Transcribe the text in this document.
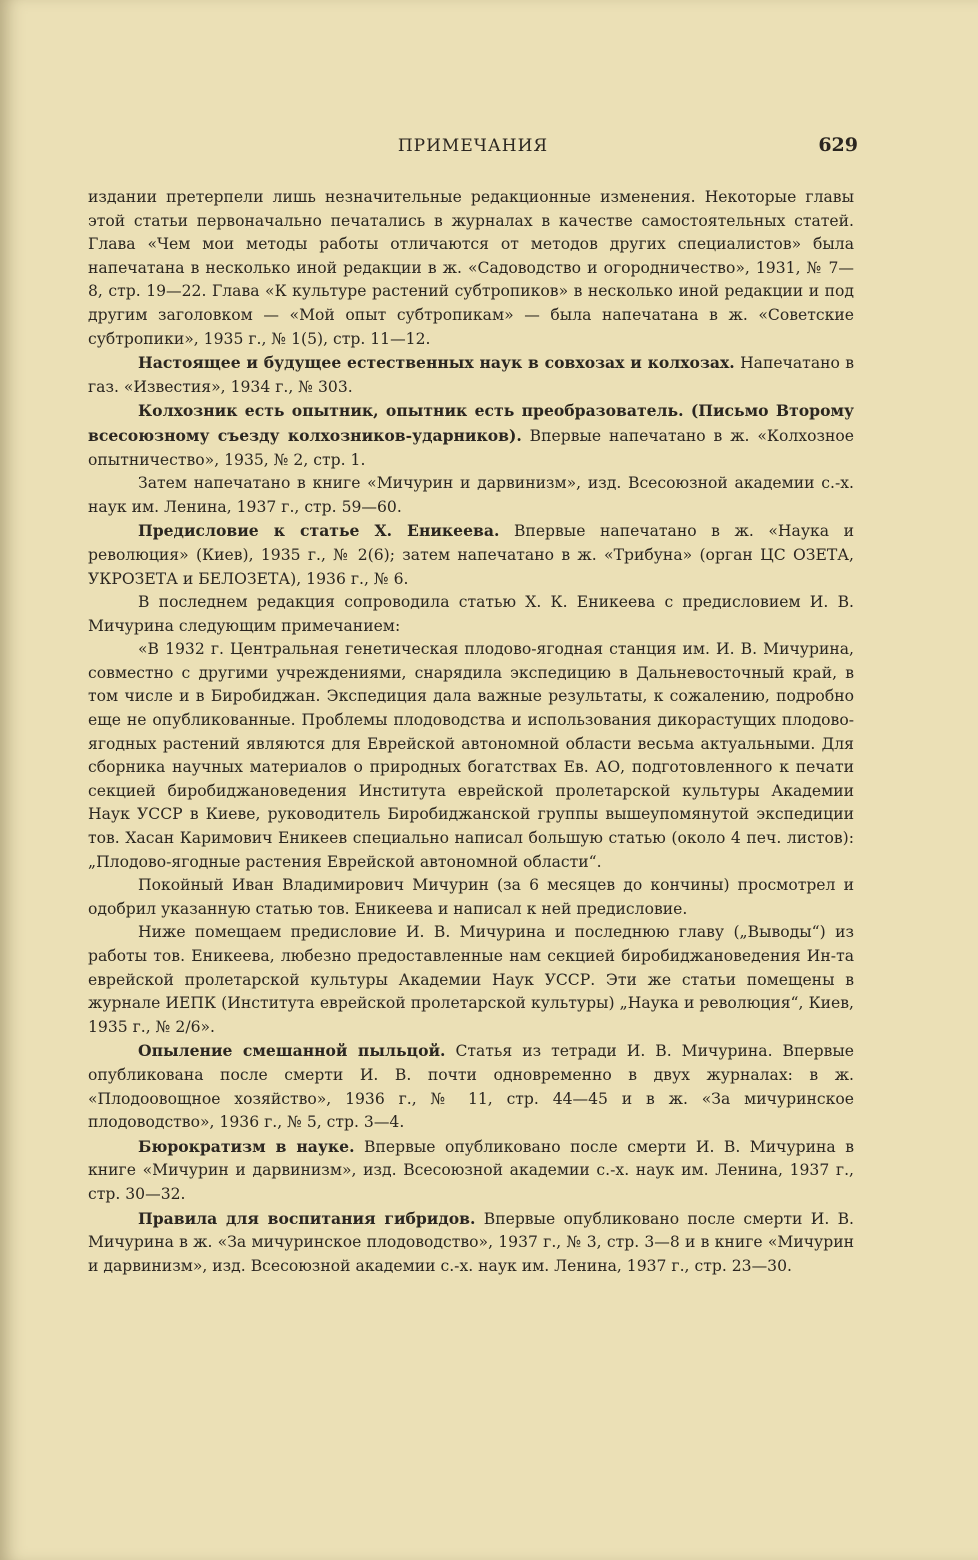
ПРИМЕЧАНИЯ	629

издании претерпели лишь незначительные редакционные изменения. Некоторые главы этой статьи первоначально печатались в журналах в качестве самостоятельных статей. Глава «Чем мои методы работы отличаются от методов других специалистов» была напечатана в несколько иной редакции в ж. «Садоводство и огородничество», 1931, № 7—8, стр. 19—22. Глава «К культуре растений субтропиков» в несколько иной редакции и под другим заголовком — «Мой опыт субтропикам» — была напечатана в ж. «Советские субтропики», 1935 г., № 1(5), стр. 11—12.

Настоящее и будущее естественных наук в совхозах и колхозах. Напечатано в газ. «Известия», 1934 г., № 303.

Колхозник есть опытник, опытник есть преобразователь. (Письмо Второму всесоюзному съезду колхозников-ударников). Впервые напечатано в ж. «Колхозное опытничество», 1935, № 2, стр. 1.

Затем напечатано в книге «Мичурин и дарвинизм», изд. Всесоюзной академии с.-х. наук им. Ленина, 1937 г., стр. 59—60.

Предисловие к статье Х. Еникеева. Впервые напечатано в ж. «Наука и революция» (Киев), 1935 г., № 2(6); затем напечатано в ж. «Трибуна» (орган ЦС ОЗЕТА, УКРОЗЕТА и БЕЛОЗЕТА), 1936 г., № 6.

В последнем редакция сопроводила статью Х. К. Еникеева с предисловием И. В. Мичурина следующим примечанием:

«В 1932 г. Центральная генетическая плодово-ягодная станция им. И. В. Мичурина, совместно с другими учреждениями, снарядила экспедицию в Дальневосточный край, в том числе и в Биробиджан. Экспедиция дала важные результаты, к сожалению, подробно еще не опубликованные. Проблемы плодоводства и использования дикорастущих плодово-ягодных растений являются для Еврейской автономной области весьма актуальными. Для сборника научных материалов о природных богатствах Ев. АО, подготовленного к печати секцией биробиджановедения Института еврейской пролетарской культуры Академии Наук УССР в Киеве, руководитель Биробиджанской группы вышеупомянутой экспедиции тов. Хасан Каримович Еникеев специально написал большую статью (около 4 печ. листов): „Плодово-ягодные растения Еврейской автономной области“.

Покойный Иван Владимирович Мичурин (за 6 месяцев до кончины) просмотрел и одобрил указанную статью тов. Еникеева и написал к ней предисловие.

Ниже помещаем предисловие И. В. Мичурина и последнюю главу („Выводы“) из работы тов. Еникеева, любезно предоставленные нам секцией биробиджановедения Ин-та еврейской пролетарской культуры Академии Наук УССР. Эти же статьи помещены в журнале ИЕПК (Института еврейской пролетарской культуры) „Наука и революция“, Киев, 1935 г., № 2/6».

Опыление смешанной пыльцой. Статья из тетради И. В. Мичурина. Впервые опубликована после смерти И. В. почти одновременно в двух журналах: в ж. «Плодоовощное хозяйство», 1936 г., № 11, стр. 44—45 и в ж. «За мичуринское плодоводство», 1936 г., № 5, стр. 3—4.

Бюрократизм в науке. Впервые опубликовано после смерти И. В. Мичурина в книге «Мичурин и дарвинизм», изд. Всесоюзной академии с.-х. наук им. Ленина, 1937 г., стр. 30—32.

Правила для воспитания гибридов. Впервые опубликовано после смерти И. В. Мичурина в ж. «За мичуринское плодоводство», 1937 г., № 3, стр. 3—8 и в книге «Мичурин и дарвинизм», изд. Всесоюзной академии с.-х. наук им. Ленина, 1937 г., стр. 23—30.
